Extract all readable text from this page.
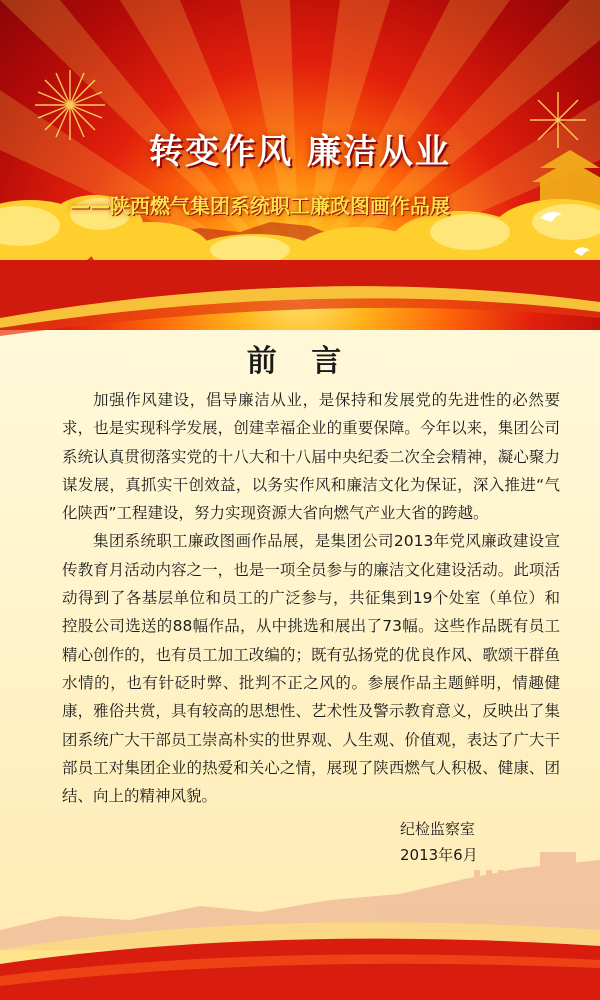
转变作风 廉洁从业
——陕西燃气集团系统职工廉政图画作品展
前 言

加强作风建设，倡导廉洁从业，是保持和发展党的先进性的必然要求，也是实现科学发展，创建幸福企业的重要保障。今年以来，集团公司系统认真贯彻落实党的十八大和十八届中央纪委二次全会精神，凝心聚力谋发展，真抓实干创效益，以务实作风和廉洁文化为保证，深入推进“气化陕西”工程建设，努力实现资源大省向燃气产业大省的跨越。

集团系统职工廉政图画作品展，是集团公司2013年党风廉政建设宣传教育月活动内容之一，也是一项全员参与的廉洁文化建设活动。此项活动得到了各基层单位和员工的广泛参与，共征集到19个处室（单位）和控股公司选送的88幅作品，从中挑选和展出了73幅。这些作品既有员工精心创作的，也有员工加工改编的；既有弘扬党的优良作风、歌颂干群鱼水情的，也有针砭时弊、批判不正之风的。参展作品主题鲜明，情趣健康，雅俗共赏，具有较高的思想性、艺术性及警示教育意义，反映出了集团系统广大干部员工崇高朴实的世界观、人生观、价值观，表达了广大干部员工对集团企业的热爱和关心之情，展现了陕西燃气人积极、健康、团结、向上的精神风貌。

纪检监察室
2013年6月
